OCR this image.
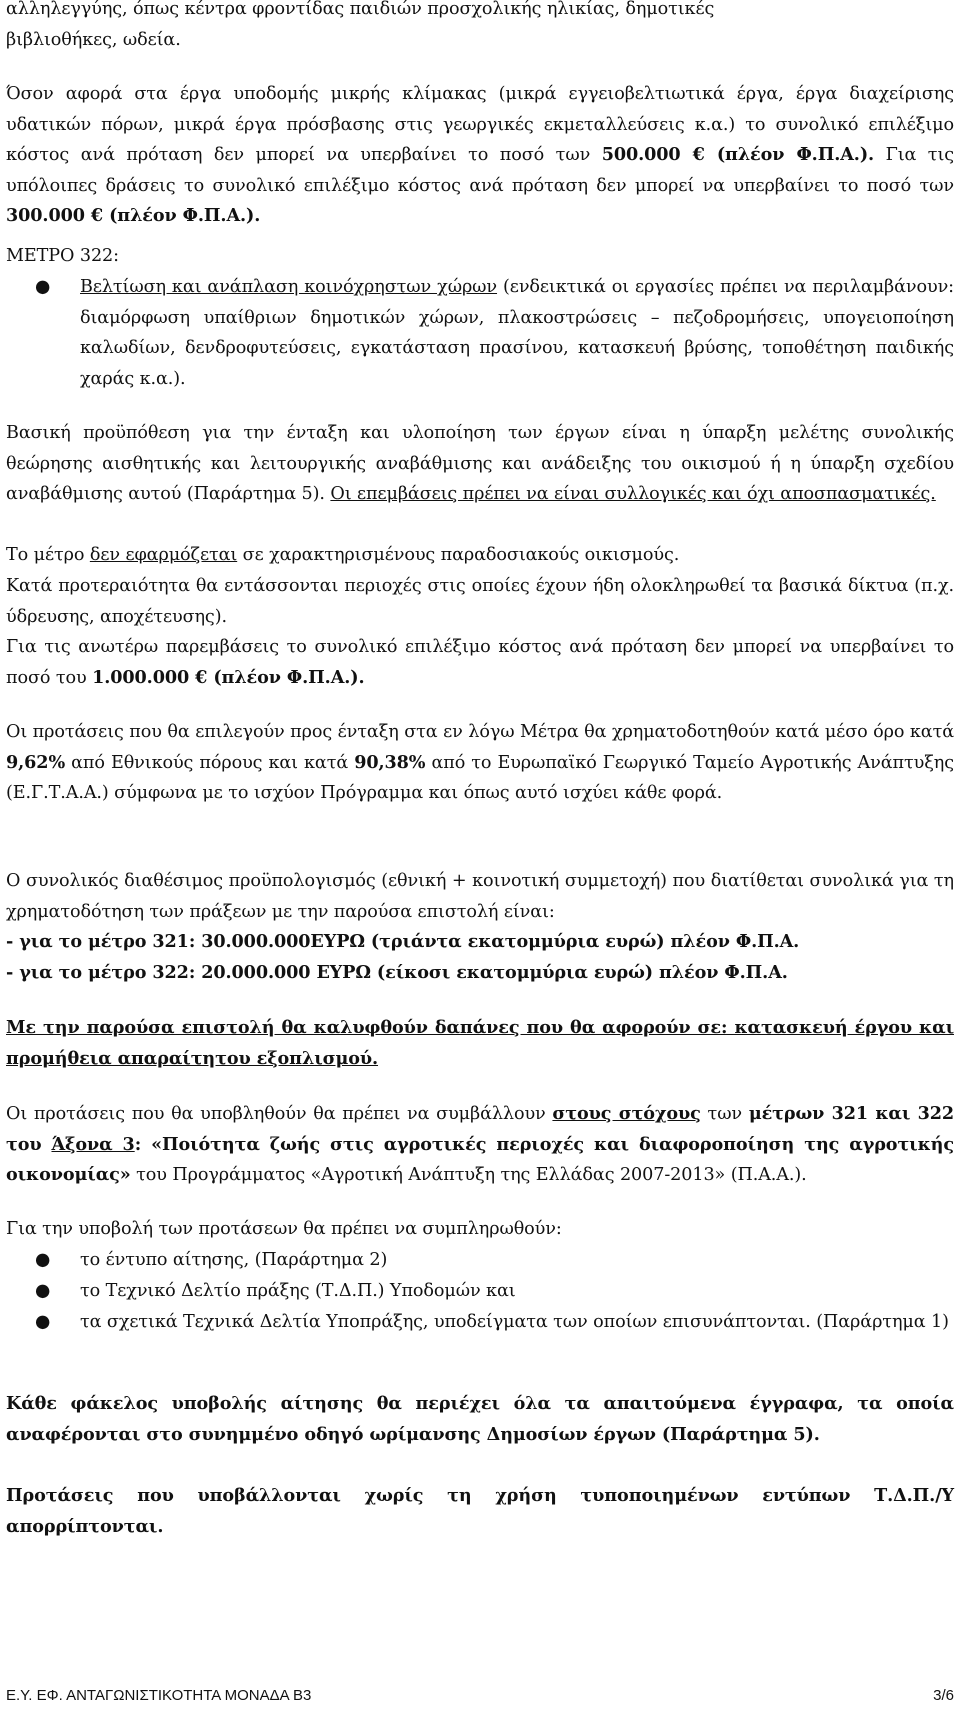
αλληλεγγύης, όπως κέντρα φροντίδας παιδιών προσχολικής ηλικίας, δημοτικές
βιβλιοθήκες, ωδεία.
Όσον αφορά στα έργα υποδομής μικρής κλίμακας (μικρά εγγειοβελτιωτικά έργα, έργα διαχείρισης υδατικών πόρων, μικρά έργα πρόσβασης στις γεωργικές εκμεταλλεύσεις κ.α.) το συνολικό επιλέξιμο κόστος ανά πρόταση δεν μπορεί να υπερβαίνει το ποσό των 500.000 € (πλέον Φ.Π.Α.). Για τις υπόλοιπες δράσεις το συνολικό επιλέξιμο κόστος ανά πρόταση δεν μπορεί να υπερβαίνει το ποσό των 300.000 € (πλέον Φ.Π.Α.).
ΜΕΤΡΟ 322:
● Βελτίωση και ανάπλαση κοινόχρηστων χώρων (ενδεικτικά οι εργασίες πρέπει να περιλαμβάνουν: διαμόρφωση υπαίθριων δημοτικών χώρων, πλακοστρώσεις – πεζοδρομήσεις, υπογειοποίηση καλωδίων, δενδροφυτεύσεις, εγκατάσταση πρασίνου, κατασκευή βρύσης, τοποθέτηση παιδικής χαράς κ.α.).
Βασική προϋπόθεση για την ένταξη και υλοποίηση των έργων είναι η ύπαρξη μελέτης συνολικής θεώρησης αισθητικής και λειτουργικής αναβάθμισης και ανάδειξης του οικισμού ή η ύπαρξη σχεδίου αναβάθμισης αυτού (Παράρτημα 5). Οι επεμβάσεις πρέπει να είναι συλλογικές και όχι αποσπασματικές.
Το μέτρο δεν εφαρμόζεται σε χαρακτηρισμένους παραδοσιακούς οικισμούς.
Κατά προτεραιότητα θα εντάσσονται περιοχές στις οποίες έχουν ήδη ολοκληρωθεί τα βασικά δίκτυα (π.χ. ύδρευσης, αποχέτευσης).
Για τις ανωτέρω παρεμβάσεις το συνολικό επιλέξιμο κόστος ανά πρόταση δεν μπορεί να υπερβαίνει το ποσό του 1.000.000 € (πλέον Φ.Π.Α.).
Οι προτάσεις που θα επιλεγούν προς ένταξη στα εν λόγω Μέτρα θα χρηματοδοτηθούν κατά μέσο όρο κατά 9,62% από Εθνικούς πόρους και κατά 90,38% από το Ευρωπαϊκό Γεωργικό Ταμείο Αγροτικής Ανάπτυξης (Ε.Γ.Τ.Α.Α.) σύμφωνα με το ισχύον Πρόγραμμα και όπως αυτό ισχύει κάθε φορά.
Ο συνολικός διαθέσιμος προϋπολογισμός (εθνική + κοινοτική συμμετοχή) που διατίθεται συνολικά για τη χρηματοδότηση των πράξεων με την παρούσα επιστολή είναι:
- για το μέτρο 321: 30.000.000ΕΥΡΩ (τριάντα εκατομμύρια ευρώ) πλέον Φ.Π.Α.
- για το μέτρο 322: 20.000.000 ΕΥΡΩ (είκοσι εκατομμύρια ευρώ) πλέον Φ.Π.Α.
Με την παρούσα επιστολή θα καλυφθούν δαπάνες που θα αφορούν σε: κατασκευή έργου και προμήθεια απαραίτητου εξοπλισμού.
Οι προτάσεις που θα υποβληθούν θα πρέπει να συμβάλλουν στους στόχους των μέτρων 321 και 322 του Άξονα 3: «Ποιότητα ζωής στις αγροτικές περιοχές και διαφοροποίηση της αγροτικής οικονομίας» του Προγράμματος «Αγροτική Ανάπτυξη της Ελλάδας 2007-2013» (Π.Α.Α.).
Για την υποβολή των προτάσεων θα πρέπει να συμπληρωθούν:
● το έντυπο αίτησης, (Παράρτημα 2)
● το Τεχνικό Δελτίο πράξης (Τ.Δ.Π.) Υποδομών και
● τα σχετικά Τεχνικά Δελτία Υποπράξης, υποδείγματα των οποίων επισυνάπτονται. (Παράρτημα 1)
Κάθε φάκελος υποβολής αίτησης θα περιέχει όλα τα απαιτούμενα έγγραφα, τα οποία αναφέρονται στο συνημμένο οδηγό ωρίμανσης Δημοσίων έργων (Παράρτημα 5).
Προτάσεις που υποβάλλονται χωρίς τη χρήση τυποποιημένων εντύπων Τ.Δ.Π./Υ απορρίπτονται.
Ε.Υ. ΕΦ. ΑΝΤΑΓΩΝΙΣΤΙΚΟΤΗΤΑ ΜΟΝΑΔΑ Β3	3/6
